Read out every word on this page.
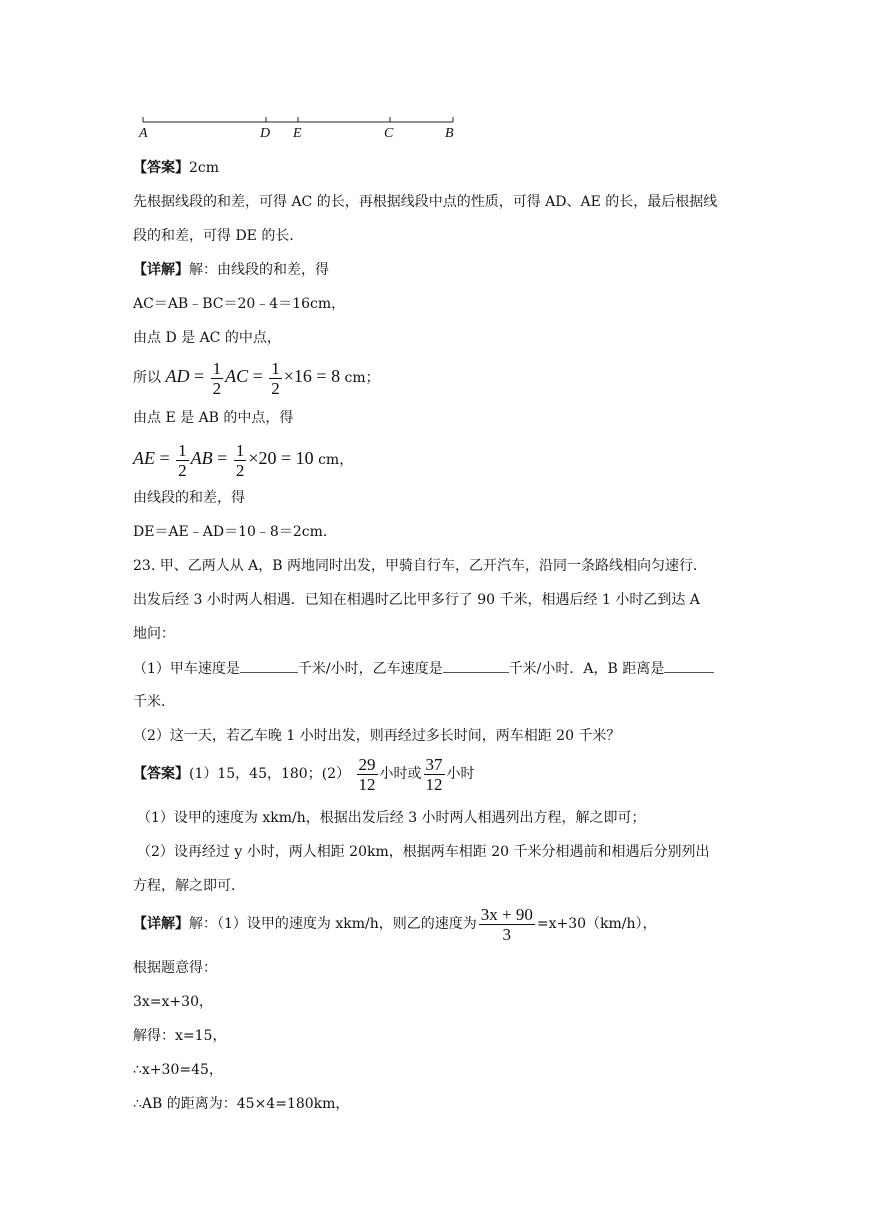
A	D E	C	B
【答案】2cm
先根据线段的和差，可得 AC 的长，再根据线段中点的性质，可得 AD、AE 的长，最后根据线
段的和差，可得 DE 的长．
【详解】解：由线段的和差，得
AC＝AB﹣BC＝20﹣4＝16cm，
由点 D 是 AC 的中点，
所以 AD = $\frac{1}{2}$ AC = $\frac{1}{2} \times 16 = 8$ cm；
由点 E 是 AB 的中点，得
AE = $\frac{1}{2}$ AB = $\frac{1}{2} \times 20 = 10$ cm，
由线段的和差，得
DE＝AE﹣AD＝10﹣8＝2cm．
23. 甲、乙两人从 A，B 两地同时出发，甲骑自行车，乙开汽车，沿同一条路线相向匀速行．
出发后经 3 小时两人相遇．已知在相遇时乙比甲多行了 90 千米，相遇后经 1 小时乙到达 A
地问：
（1）甲车速度是	千米/小时，乙车速度是	千米/小时．A，B 距离是
千米．
（2）这一天，若乙车晚 1 小时出发，则再经过多长时间，两车相距 20 千米？
【答案】(1）15，45，180；$(2) \frac{29}{12}$ 小时或 $\frac{37}{12}$ 小时
（1）设甲的速度为 xkm/h，根据出发后经 3 小时两人相遇列出方程，解之即可；
（2）设再经过 y 小时，两人相距 20km，根据两车相距 20 千米分相遇前和相遇后分别列出
方程，解之即可．
【详解】解：（1）设甲的速度为 xkm/h，则乙的速度为 $\frac{3x + 90}{3} =x+30(km/h)$，
根据题意得：
3x=x+30，
解得：x=15，
∴x+30=45，
∴AB 的距离为：45×4=180km，
